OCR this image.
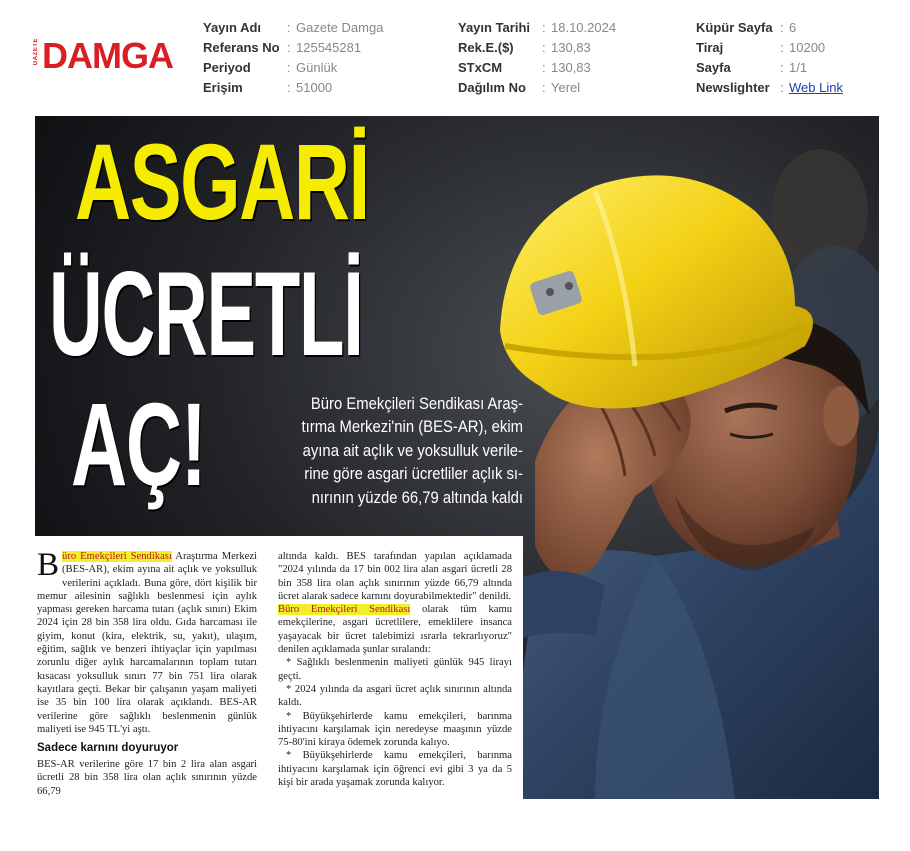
GAZETE DAMGA
Yayın Adı : Gazete Damga
Referans No : 125545281
Periyod	: Günlük
Erişim	: 51000
Yayın Tarihi : 18.10.2024
Rek.E.($) : 130,83
STxCM	: 130,83
Dağılım No : Yerel
Küpür Sayfa : 6
Tiraj	: 10200
Sayfa	: 1/1
Newslighter : Web Link
ASGARİ
ÜCRETLİ
AÇ!	Büro Emekçileri Sendikası Araş-
tırma Merkezi'nin (BES-AR), ekim
ayına ait açlık ve yoksulluk verile-
rine göre asgari ücretliler açlık sı-
nırının yüzde 66,79 altında kaldı

Büro Emekçileri Sendikası Araştırma Merkezi (BES-AR), ekim ayına ait açlık ve yoksulluk verilerini açıkladı. Buna göre, dört kişilik bir memur ailesinin sağlıklı beslenmesi için aylık yapması gereken harcama tutarı (açlık sınırı) Ekim 2024 için 28 bin 358 lira oldu. Gıda harcaması ile giyim, konut (kira, elektrik, su, yakıt), ulaşım, eğitim, sağlık ve benzeri ihtiyaçlar için yapılması zorunlu diğer aylık harcamalarının toplam tutarı kısacası yoksulluk sınırı 77 bin 751 lira olarak kayıtlara geçti. Bekar bir çalışanın yaşam maliyeti ise 35 bin 100 lira olarak açıklandı. BES-AR verilerine göre sağlıklı beslenmenin günlük maliyeti ise 945 TL'yi aştı.

Sadece karnını doyuruyor

BES-AR verilerine göre 17 bin 2 lira alan asgari ücretli 28 bin 358 lira olan açlık sınırının yüzde 66,79

altında kaldı. BES tarafından yapılan açıklamada "2024 yılında da 17 bin 002 lira alan asgari ücretli 28 bin 358 lira olan açlık sınırının yüzde 66,79 altında ücret alarak sadece karnını doyurabilmektedir" denildi.

Büro Emekçileri Sendikası olarak tüm kamu emekçilerine, asgari ücretlilere, emeklilere insanca yaşayacak bir ücret talebimizi ısrarla tekrarlıyoruz" denilen açıklamada şunlar sıralandı:

* Sağlıklı beslenmenin maliyeti günlük 945 lirayı geçti.

* 2024 yılında da asgari ücret açlık sınırının altında kaldı.

* Büyükşehirlerde kamu emekçileri, barınma ihtiyacını karşılamak için neredeyse maaşının yüzde 75-80'ini kiraya ödemek zorunda kalıyo.

* Büyükşehirlerde kamu emekçileri, barınma ihtiyacını karşılamak için öğrenci evi gibi 3 ya da 5 kişi bir arada yaşamak zorunda kalıyor.
